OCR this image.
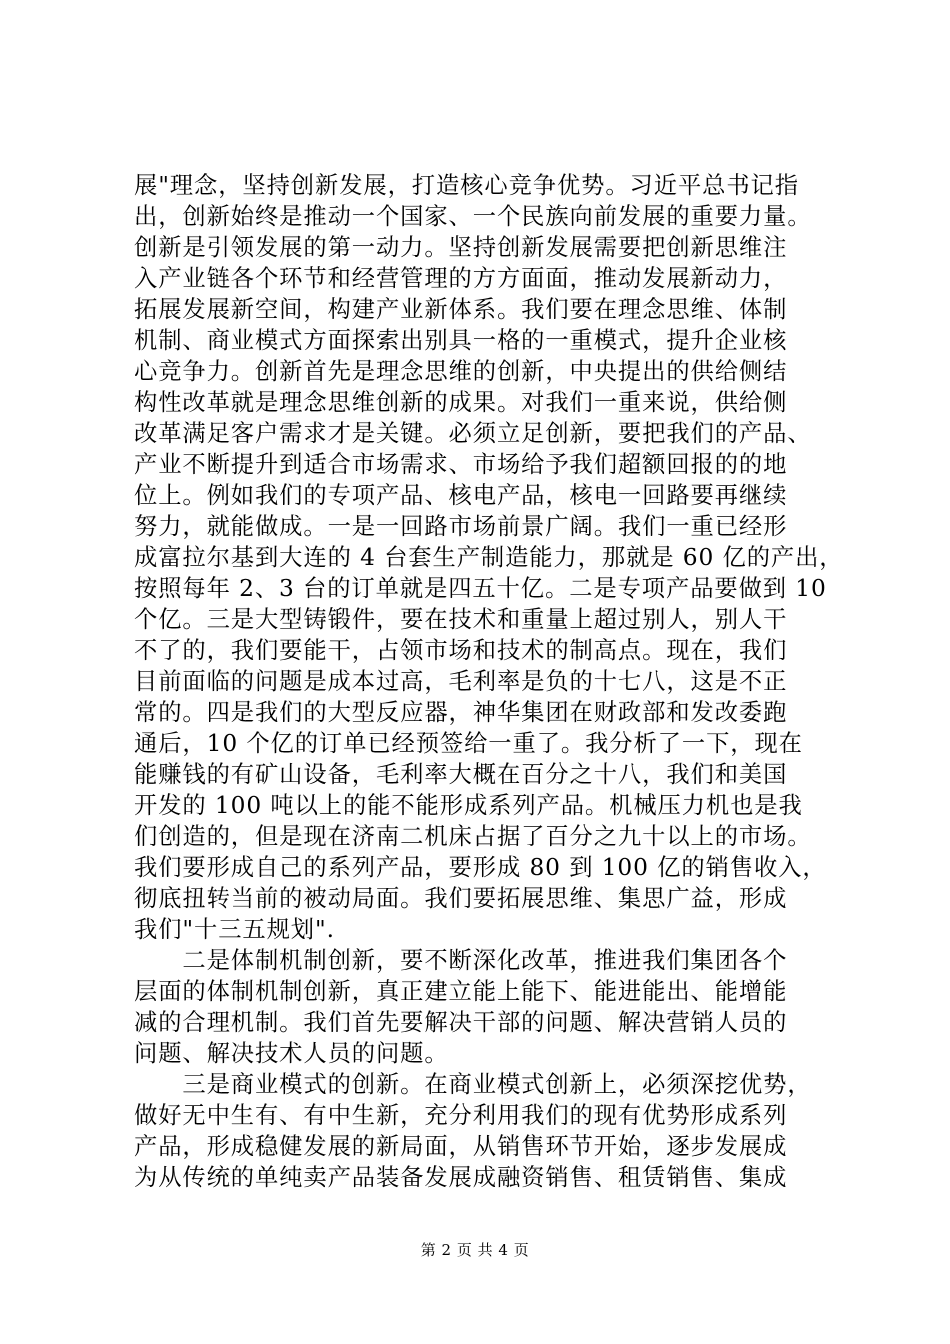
展"理念，坚持创新发展，打造核心竞争优势。习近平总书记指
出，创新始终是推动一个国家、一个民族向前发展的重要力量。
创新是引领发展的第一动力。坚持创新发展需要把创新思维注
入产业链各个环节和经营管理的方方面面，推动发展新动力，
拓展发展新空间，构建产业新体系。我们要在理念思维、体制
机制、商业模式方面探索出别具一格的一重模式，提升企业核
心竞争力。创新首先是理念思维的创新，中央提出的供给侧结
构性改革就是理念思维创新的成果。对我们一重来说，供给侧
改革满足客户需求才是关键。必须立足创新，要把我们的产品、
产业不断提升到适合市场需求、市场给予我们超额回报的的地
位上。例如我们的专项产品、核电产品，核电一回路要再继续
努力，就能做成。一是一回路市场前景广阔。我们一重已经形
成富拉尔基到大连的 4 台套生产制造能力，那就是 60 亿的产出，
按照每年 2、3 台的订单就是四五十亿。二是专项产品要做到 10
个亿。三是大型铸锻件，要在技术和重量上超过别人，别人干
不了的，我们要能干，占领市场和技术的制高点。现在，我们
目前面临的问题是成本过高，毛利率是负的十七八，这是不正
常的。四是我们的大型反应器，神华集团在财政部和发改委跑
通后，10 个亿的订单已经预签给一重了。我分析了一下，现在
能赚钱的有矿山设备，毛利率大概在百分之十八，我们和美国
开发的 100 吨以上的能不能形成系列产品。机械压力机也是我
们创造的，但是现在济南二机床占据了百分之九十以上的市场。
我们要形成自己的系列产品，要形成 80 到 100 亿的销售收入，
彻底扭转当前的被动局面。我们要拓展思维、集思广益，形成
我们"十三五规划".
　　二是体制机制创新，要不断深化改革，推进我们集团各个
层面的体制机制创新，真正建立能上能下、能进能出、能增能
减的合理机制。我们首先要解决干部的问题、解决营销人员的
问题、解决技术人员的问题。
　　三是商业模式的创新。在商业模式创新上，必须深挖优势，
做好无中生有、有中生新，充分利用我们的现有优势形成系列
产品，形成稳健发展的新局面，从销售环节开始，逐步发展成
为从传统的单纯卖产品装备发展成融资销售、租赁销售、集成
第 2 页 共 4 页
